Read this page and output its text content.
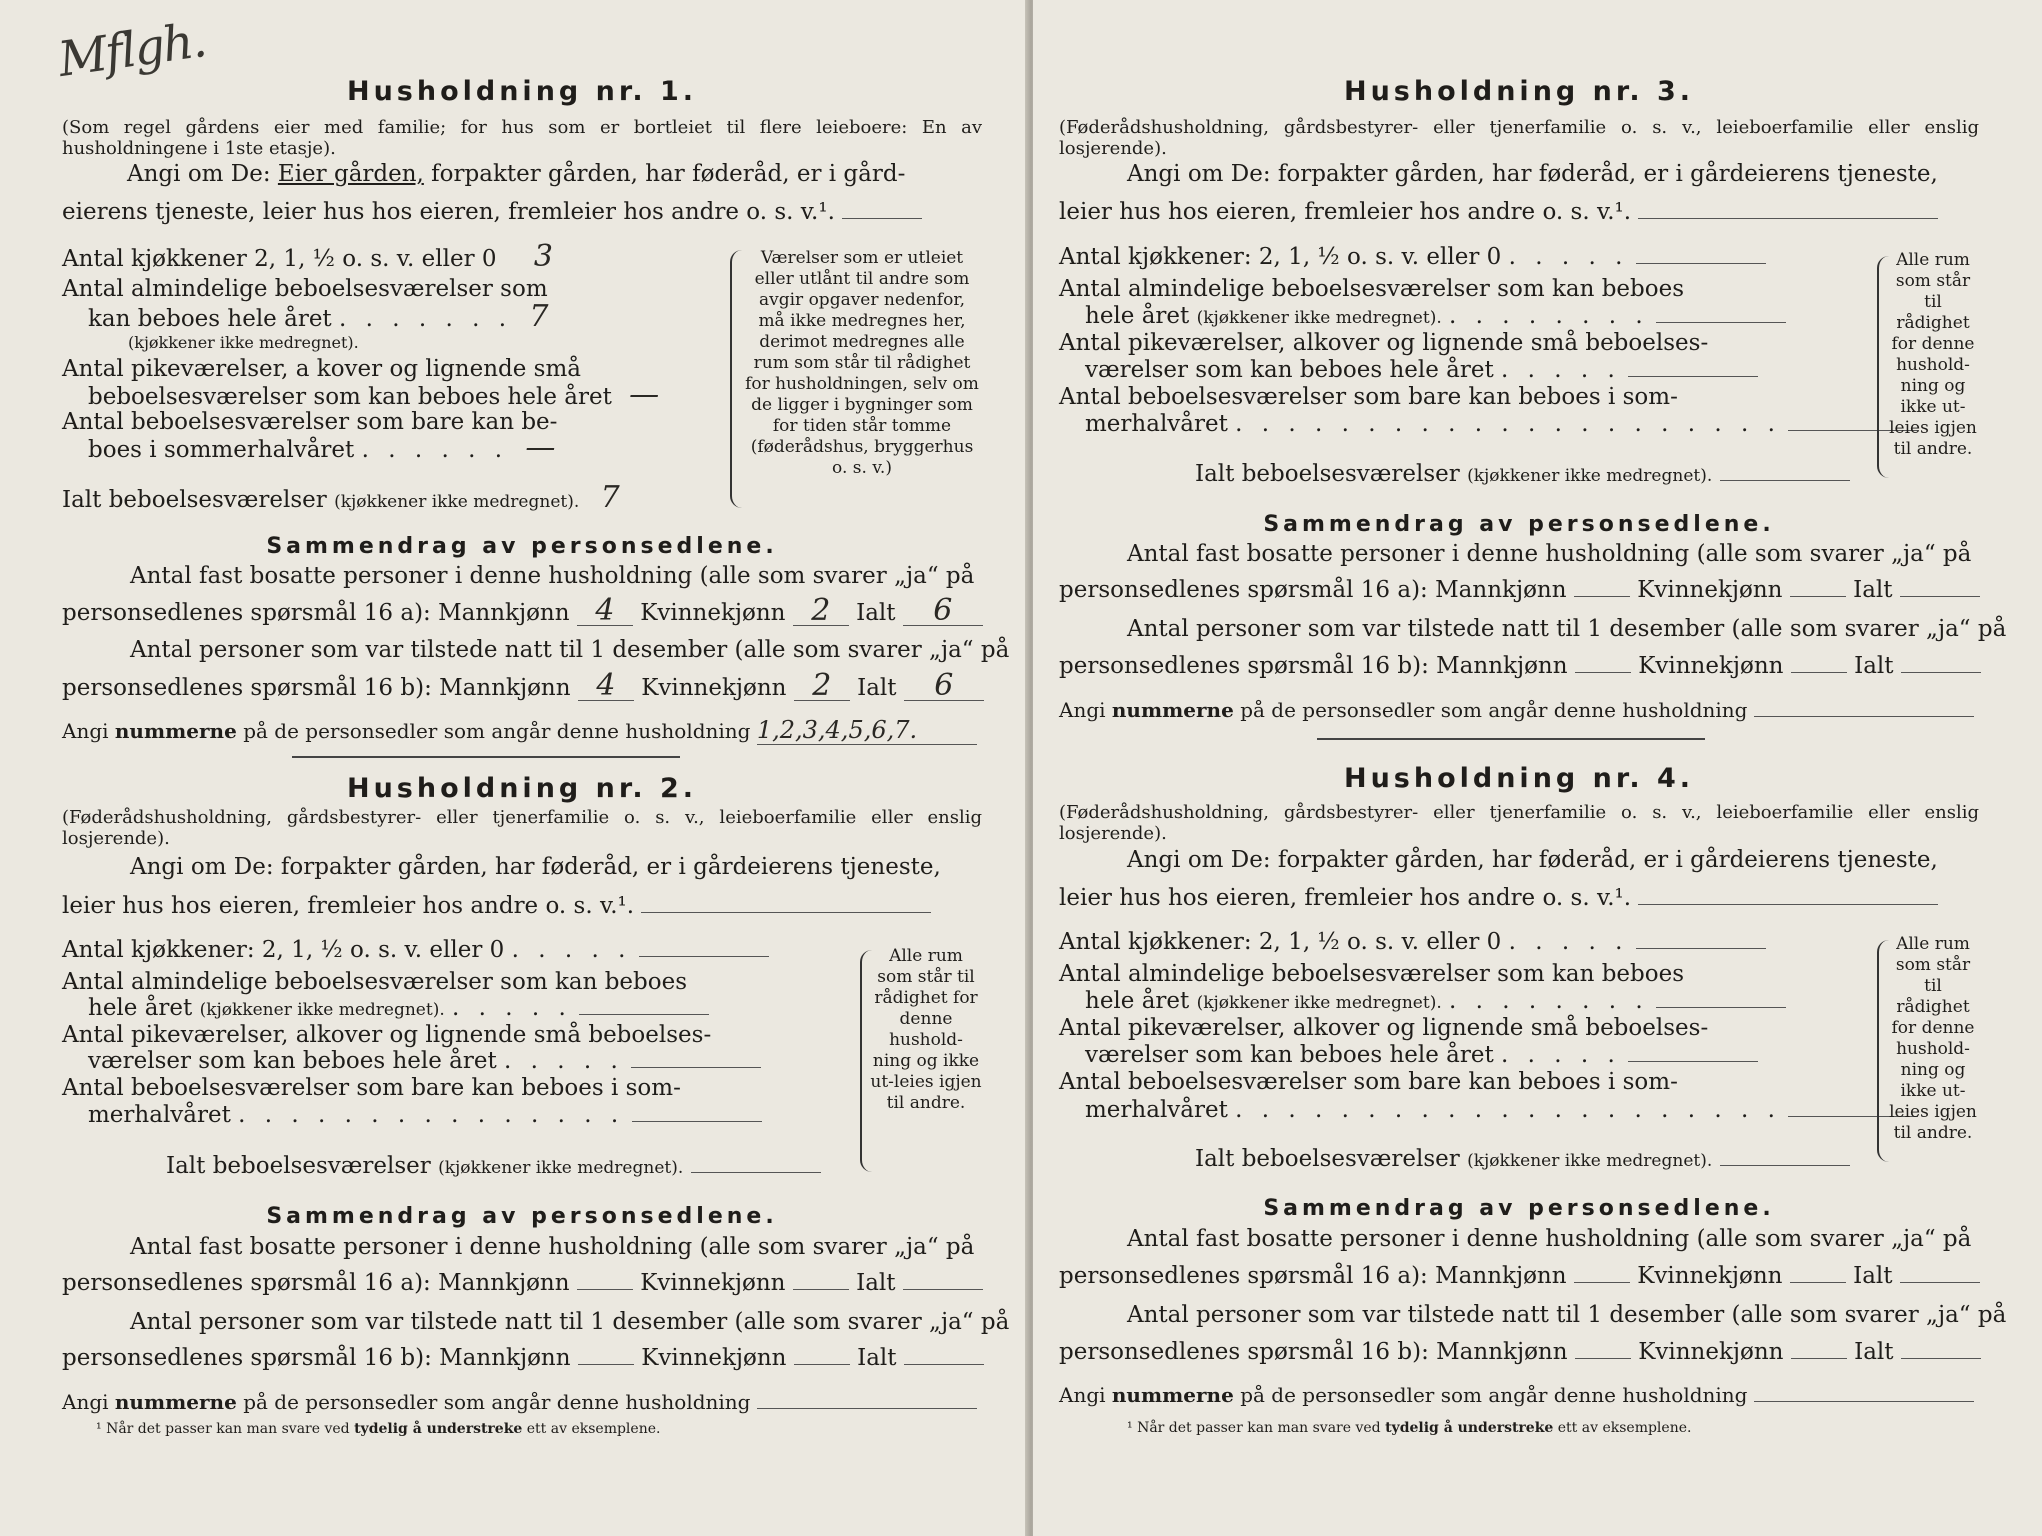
Mflgh.
Husholdning nr. 1.
(Som regel gårdens eier med familie; for hus som er bortleiet til flere leieboere: En av husholdningene i 1ste etasje).
Angi om De: Eier gården, forpakter gården, har føderåd, er i gård-
eierens tjeneste, leier hus hos eieren, fremleier hos andre o. s. v.¹.
Antal kjøkkener 2, 1, ½ o. s. v. eller 0 3
Antal almindelige beboelsesværelser som
kan beboes hele året . . . . . . . 7
(kjøkkener ikke medregnet).
Antal pikeværelser, a kover og lignende små
beboelsesværelser som kan beboes hele året —
Antal beboelsesværelser som bare kan be-
boes i sommerhalvåret . . . . . . —
Ialt beboelsesværelser (kjøkkener ikke medregnet). 7
Værelser som er utleiet eller utlånt til andre som avgir opgaver nedenfor, må ikke medregnes her, derimot medregnes alle rum som står til rådighet for husholdningen, selv om de ligger i bygninger som for tiden står tomme (føderådshus, bryggerhus o. s. v.)
Sammendrag av personsedlene.
Antal fast bosatte personer i denne husholdning (alle som svarer „ja“ på
personsedlenes spørsmål 16 a): Mannkjønn 4 Kvinnekjønn 2 Ialt 6
Antal personer som var tilstede natt til 1 desember (alle som svarer „ja“ på
personsedlenes spørsmål 16 b): Mannkjønn 4 Kvinnekjønn 2 Ialt 6
Angi nummerne på de personsedler som angår denne husholdning 1,2,3,4,5,6,7.
Husholdning nr. 2.
(Føderådshusholdning, gårdsbestyrer- eller tjenerfamilie o. s. v., leieboerfamilie eller enslig losjerende).
Angi om De: forpakter gården, har føderåd, er i gårdeierens tjeneste,
leier hus hos eieren, fremleier hos andre o. s. v.¹.
Antal kjøkkener: 2, 1, ½ o. s. v. eller 0 . . . . .
Antal almindelige beboelsesværelser som kan beboes
hele året (kjøkkener ikke medregnet). . . . . .
Antal pikeværelser, alkover og lignende små beboelses-
værelser som kan beboes hele året . . . . .
Antal beboelsesværelser som bare kan beboes i som-
merhalvåret . . . . . . . . . . . . . . .
Ialt beboelsesværelser (kjøkkener ikke medregnet).
Alle rum som står til rådighet for denne hushold-ning og ikke ut-leies igjen til andre.
Sammendrag av personsedlene.
Antal fast bosatte personer i denne husholdning (alle som svarer „ja“ på
personsedlenes spørsmål 16 a): Mannkjønn	Kvinnekjønn	Ialt
Antal personer som var tilstede natt til 1 desember (alle som svarer „ja“ på
personsedlenes spørsmål 16 b): Mannkjønn	Kvinnekjønn	Ialt
Angi nummerne på de personsedler som angår denne husholdning
¹ Når det passer kan man svare ved tydelig å understreke ett av eksemplene.
Husholdning nr. 3.
(Føderådshusholdning, gårdsbestyrer- eller tjenerfamilie o. s. v., leieboerfamilie eller enslig losjerende).
Angi om De: forpakter gården, har føderåd, er i gårdeierens tjeneste,
leier hus hos eieren, fremleier hos andre o. s. v.¹.
Antal kjøkkener: 2, 1, ½ o. s. v. eller 0 . . . . .
Antal almindelige beboelsesværelser som kan beboes
hele året (kjøkkener ikke medregnet). . . . . . . . .
Antal pikeværelser, alkover og lignende små beboelses-
værelser som kan beboes hele året . . . . .
Antal beboelsesværelser som bare kan beboes i som-
merhalvåret . . . . . . . . . . . . . . . . . . . . .
Ialt beboelsesværelser (kjøkkener ikke medregnet).
Alle rum som står til rådighet for denne hushold-ning og ikke ut-leies igjen til andre.
Sammendrag av personsedlene.
Antal fast bosatte personer i denne husholdning (alle som svarer „ja“ på
personsedlenes spørsmål 16 a): Mannkjønn	Kvinnekjønn	Ialt
Antal personer som var tilstede natt til 1 desember (alle som svarer „ja“ på
personsedlenes spørsmål 16 b): Mannkjønn	Kvinnekjønn	Ialt
Angi nummerne på de personsedler som angår denne husholdning
Husholdning nr. 4.
(Føderådshusholdning, gårdsbestyrer- eller tjenerfamilie o. s. v., leieboerfamilie eller enslig losjerende).
Angi om De: forpakter gården, har føderåd, er i gårdeierens tjeneste,
leier hus hos eieren, fremleier hos andre o. s. v.¹.
Antal kjøkkener: 2, 1, ½ o. s. v. eller 0 . . . . .
Antal almindelige beboelsesværelser som kan beboes
hele året (kjøkkener ikke medregnet). . . . . . . . .
Antal pikeværelser, alkover og lignende små beboelses-
værelser som kan beboes hele året . . . . .
Antal beboelsesværelser som bare kan beboes i som-
merhalvåret . . . . . . . . . . . . . . . . . . . . .
Ialt beboelsesværelser (kjøkkener ikke medregnet).
Alle rum som står til rådighet for denne hushold-ning og ikke ut-leies igjen til andre.
Sammendrag av personsedlene.
Antal fast bosatte personer i denne husholdning (alle som svarer „ja“ på
personsedlenes spørsmål 16 a): Mannkjønn	Kvinnekjønn	Ialt
Antal personer som var tilstede natt til 1 desember (alle som svarer „ja“ på
personsedlenes spørsmål 16 b): Mannkjønn	Kvinnekjønn	Ialt
Angi nummerne på de personsedler som angår denne husholdning
¹ Når det passer kan man svare ved tydelig å understreke ett av eksemplene.
